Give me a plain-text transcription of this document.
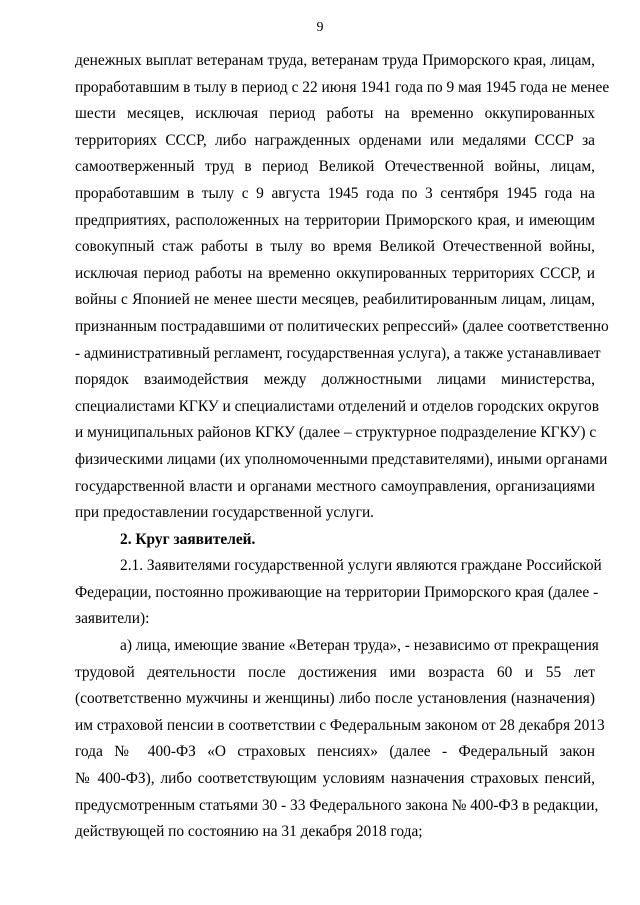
9

денежных выплат ветеранам труда, ветеранам труда Приморского края, лицам,
проработавшим в тылу в период с 22 июня 1941 года по 9 мая 1945 года не менее
шести месяцев, исключая период работы на временно оккупированных
территориях СССР, либо награжденных орденами или медалями СССР за
самоотверженный труд в период Великой Отечественной войны, лицам,
проработавшим в тылу с 9 августа 1945 года по 3 сентября 1945 года на
предприятиях, расположенных на территории Приморского края, и имеющим
совокупный стаж работы в тылу во время Великой Отечественной войны,
исключая период работы на временно оккупированных территориях СССР, и
войны с Японией не менее шести месяцев, реабилитированным лицам, лицам,
признанным пострадавшими от политических репрессий» (далее соответственно
- административный регламент, государственная услуга), а также устанавливает
порядок взаимодействия между должностными лицами министерства,
специалистами КГКУ и специалистами отделений и отделов городских округов
и муниципальных районов КГКУ (далее – структурное подразделение КГКУ) с
физическими лицами (их уполномоченными представителями), иными органами
государственной власти и органами местного самоуправления, организациями
при предоставлении государственной услуги.

2. Круг заявителей.

2.1. Заявителями государственной услуги являются граждане Российской
Федерации, постоянно проживающие на территории Приморского края (далее -
заявители):

а) лица, имеющие звание «Ветеран труда», - независимо от прекращения
трудовой деятельности после достижения ими возраста 60 и 55 лет
(соответственно мужчины и женщины) либо после установления (назначения)
им страховой пенсии в соответствии с Федеральным законом от 28 декабря 2013
года № 400-ФЗ «О страховых пенсиях» (далее - Федеральный закон
№ 400-ФЗ), либо соответствующим условиям назначения страховых пенсий,
предусмотренным статьями 30 - 33 Федерального закона № 400-ФЗ в редакции,
действующей по состоянию на 31 декабря 2018 года;
